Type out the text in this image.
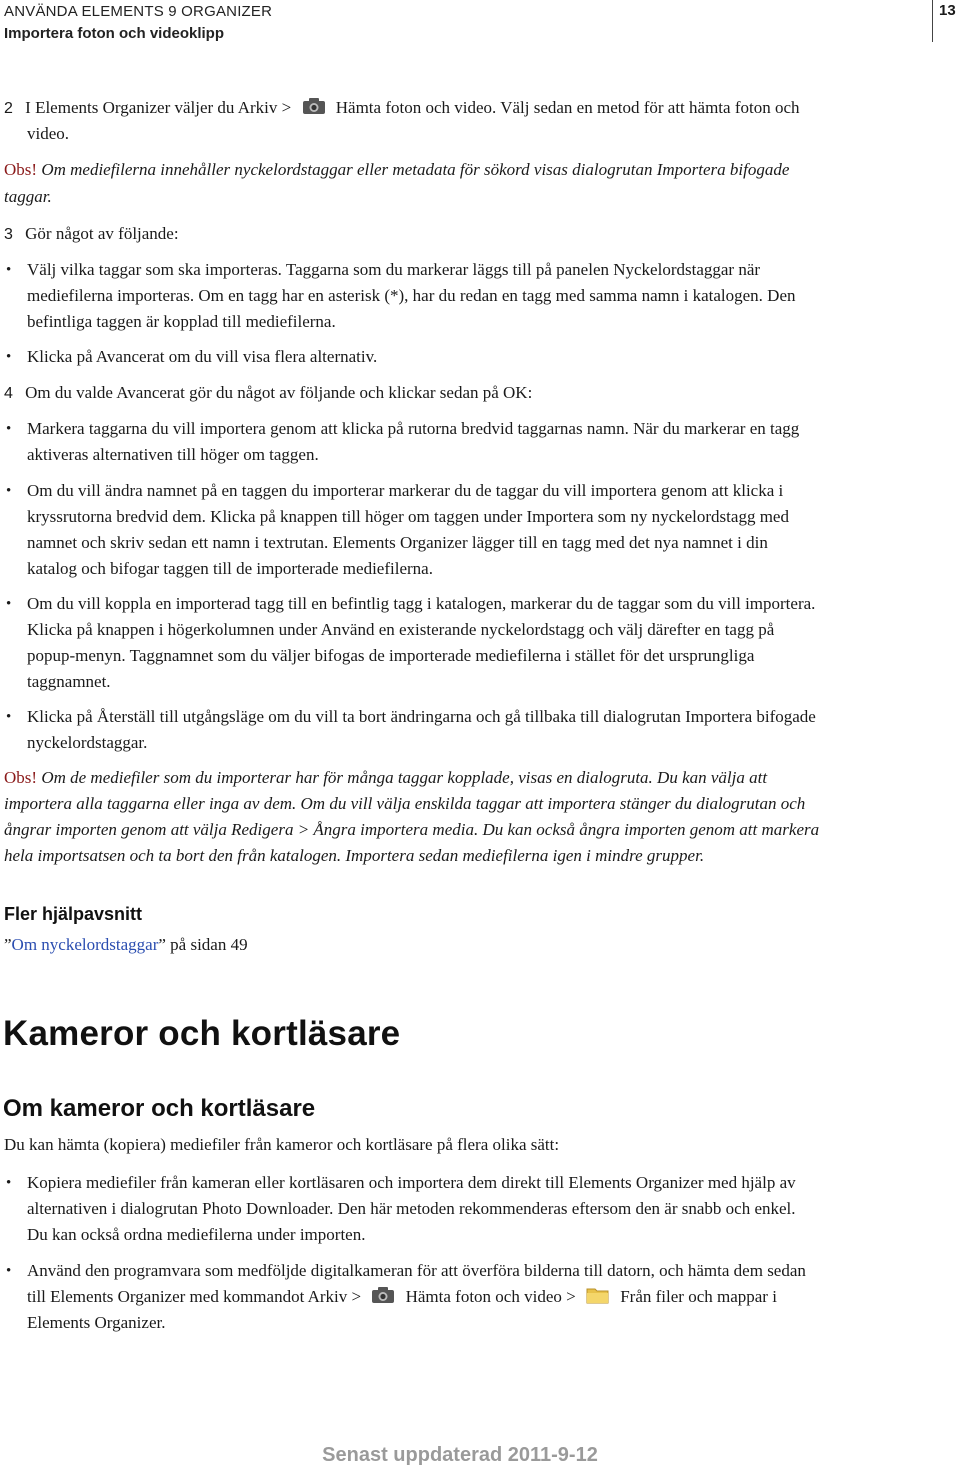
ANVÄNDA ELEMENTS 9 ORGANIZER
Importera foton och videoklipp
13
2 I Elements Organizer väljer du Arkiv >	Hämta foton och video. Välj sedan en metod för att hämta foton och
video.
Obs! Om mediefilerna innehåller nyckelordstaggar eller metadata för sökord visas dialogrutan Importera bifogade
taggar.
3 Gör något av följande:
• Välj vilka taggar som ska importeras. Taggarna som du markerar läggs till på panelen Nyckelordstaggar när
mediefilerna importeras. Om en tagg har en asterisk (*), har du redan en tagg med samma namn i katalogen. Den
befintliga taggen är kopplad till mediefilerna.
• Klicka på Avancerat om du vill visa flera alternativ.
4 Om du valde Avancerat gör du något av följande och klickar sedan på OK:
• Markera taggarna du vill importera genom att klicka på rutorna bredvid taggarnas namn. När du markerar en tagg
aktiveras alternativen till höger om taggen.
• Om du vill ändra namnet på en taggen du importerar markerar du de taggar du vill importera genom att klicka i
kryssrutorna bredvid dem. Klicka på knappen till höger om taggen under Importera som ny nyckelordstagg med
namnet och skriv sedan ett namn i textrutan. Elements Organizer lägger till en tagg med det nya namnet i din
katalog och bifogar taggen till de importerade mediefilerna.
• Om du vill koppla en importerad tagg till en befintlig tagg i katalogen, markerar du de taggar som du vill importera.
Klicka på knappen i högerkolumnen under Använd en existerande nyckelordstagg och välj därefter en tagg på
popup-menyn. Taggnamnet som du väljer bifogas de importerade mediefilerna i stället för det ursprungliga
taggnamnet.
• Klicka på Återställ till utgångsläge om du vill ta bort ändringarna och gå tillbaka till dialogrutan Importera bifogade
nyckelordstaggar.
Obs! Om de mediefiler som du importerar har för många taggar kopplade, visas en dialogruta. Du kan välja att
importera alla taggarna eller inga av dem. Om du vill välja enskilda taggar att importera stänger du dialogrutan och
ångrar importen genom att välja Redigera > Ångra importera media. Du kan också ångra importen genom att markera
hela importsatsen och ta bort den från katalogen. Importera sedan mediefilerna igen i mindre grupper.
Fler hjälpavsnitt
”Om nyckelordstaggar” på sidan 49
Kameror och kortläsare
Om kameror och kortläsare
Du kan hämta (kopiera) mediefiler från kameror och kortläsare på flera olika sätt:
• Kopiera mediefiler från kameran eller kortläsaren och importera dem direkt till Elements Organizer med hjälp av
alternativen i dialogrutan Photo Downloader. Den här metoden rekommenderas eftersom den är snabb och enkel.
Du kan också ordna mediefilerna under importen.
• Använd den programvara som medföljde digitalkameran för att överföra bilderna till datorn, och hämta dem sedan
till Elements Organizer med kommandot Arkiv >	Hämta foton och video >	Från filer och mappar i
Elements Organizer.
Senast uppdaterad 2011-9-12
